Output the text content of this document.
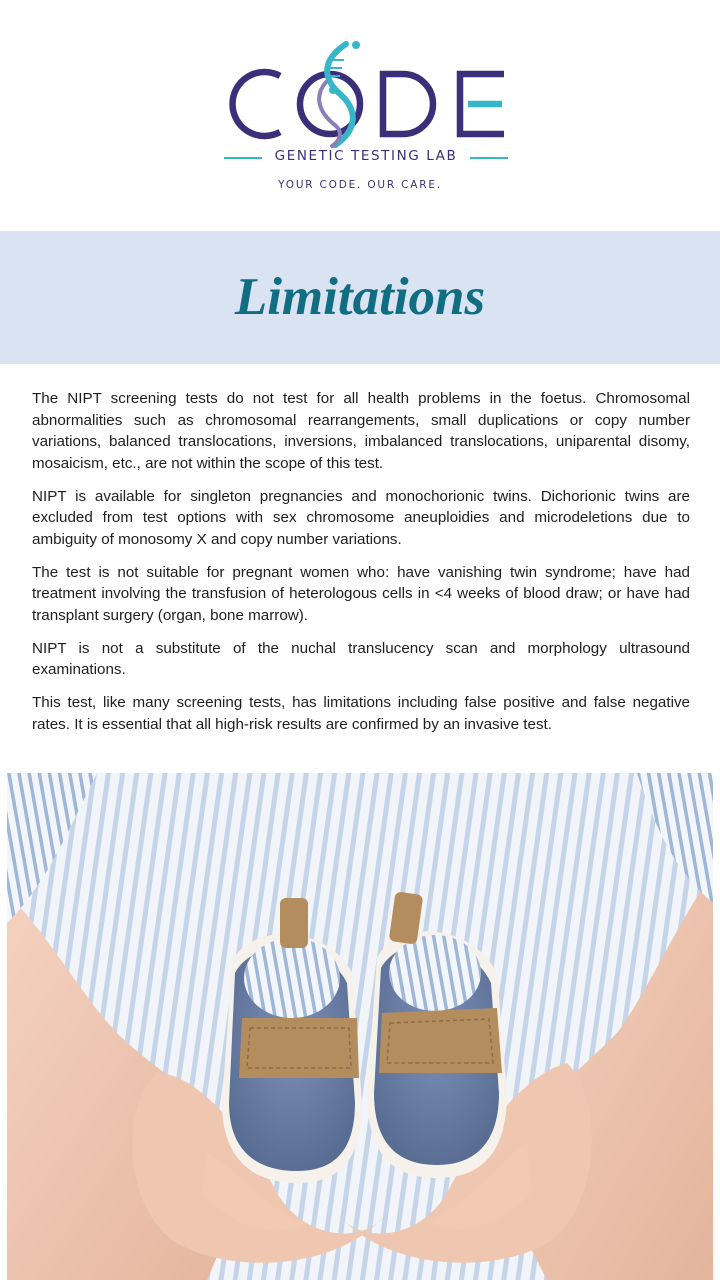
GENETIC TESTING LAB
YOUR CODE. OUR CARE.
Limitations

The NIPT screening tests do not test for all health problems in the foetus. Chromosomal abnormalities such as chromosomal rearrangements, small duplications or copy number variations, balanced translocations, inversions, imbalanced translocations, uniparental disomy, mosaicism, etc., are not within the scope of this test.

NIPT is available for singleton pregnancies and monochorionic twins. Dichorionic twins are excluded from test options with sex chromosome aneuploidies and microdeletions due to ambiguity of monosomy X and copy number variations.

The test is not suitable for pregnant women who: have vanishing twin syndrome; have had treatment involving the transfusion of heterologous cells in <4 weeks of blood draw; or have had transplant surgery (organ, bone marrow).

NIPT is not a substitute of the nuchal translucency scan and morphology ultrasound examinations.

This test, like many screening tests, has limitations including false positive and false negative rates. It is essential that all high-risk results are confirmed by an invasive test.
